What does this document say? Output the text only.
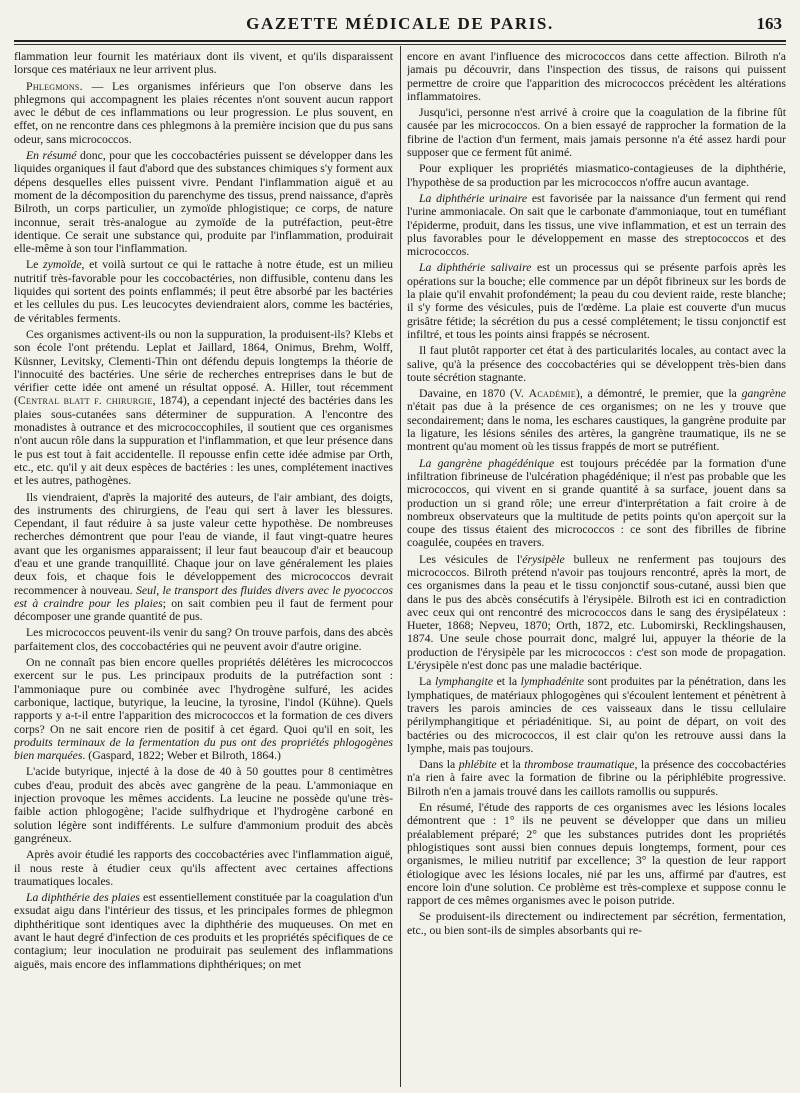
GAZETTE MÉDICALE DE PARIS.	163

flammation leur fournit les matériaux dont ils vivent, et qu'ils disparaissent lorsque ces matériaux ne leur arrivent plus.

Phlegmons. — Les organismes inférieurs que l'on observe dans les phlegmons qui accompagnent les plaies récentes n'ont souvent aucun rapport avec le début de ces inflammations ou leur progression. Le plus souvent, en effet, on ne rencontre dans ces phlegmons à la première incision que du pus sans odeur, sans micrococcos.

En résumé donc, pour que les coccobactéries puissent se développer dans les liquides organiques il faut d'abord que des substances chimiques s'y forment aux dépens desquelles elles puissent vivre. Pendant l'inflammation aiguë et au moment de la décomposition du parenchyme des tissus, prend naissance, d'après Bilroth, un corps particulier, un zymoïde phlogistique; ce corps, de nature inconnue, serait très-analogue au zymoïde de la putréfaction, peut-être identique. Ce serait une substance qui, produite par l'inflammation, produirait elle-même à son tour l'inflammation.

Le zymoïde, et voilà surtout ce qui le rattache à notre étude, est un milieu nutritif très-favorable pour les coccobactéries, non diffusible, contenu dans les liquides qui sortent des points enflammés; il peut être absorbé par les bactéries et les cellules du pus. Les leucocytes deviendraient alors, comme les bactéries, de véritables ferments.

Ces organismes activent-ils ou non la suppuration, la produisent-ils? Klebs et son école l'ont prétendu. Leplat et Jaillard, 1864, Onimus, Brehm, Wolff, Küsnner, Levitsky, Clementi-Thin ont défendu depuis longtemps la théorie de l'innocuité des bactéries. Une série de recherches entreprises dans le but de vérifier cette idée ont amené un résultat opposé. A. Hiller, tout récemment (Central blatt f. chirurgie, 1874), a cependant injecté des bactéries dans les plaies sous-cutanées sans déterminer de suppuration. A l'encontre des monadistes à outrance et des micrococcophiles, il soutient que ces organismes n'ont aucun rôle dans la suppuration et l'inflammation, et que leur présence dans le pus est tout à fait accidentelle. Il repousse enfin cette idée admise par Orth, etc., etc. qu'il y ait deux espèces de bactéries : les unes, complétement inactives et les autres, pathogènes.

Ils viendraient, d'après la majorité des auteurs, de l'air ambiant, des doigts, des instruments des chirurgiens, de l'eau qui sert à laver les blessures. Cependant, il faut réduire à sa juste valeur cette hypothèse. De nombreuses recherches démontrent que pour l'eau de viande, il faut vingt-quatre heures avant que les organismes apparaissent; il leur faut beaucoup d'air et beaucoup d'eau et une grande tranquillité. Chaque jour on lave généralement les plaies deux fois, et chaque fois le développement des micrococcos devrait recommencer à nouveau. Seul, le transport des fluides divers avec le pyococcos est à craindre pour les plaies; on sait combien peu il faut de ferment pour décomposer une grande quantité de pus.

Les micrococcos peuvent-ils venir du sang? On trouve parfois, dans des abcès parfaitement clos, des coccobactéries qui ne peuvent avoir d'autre origine.

On ne connaît pas bien encore quelles propriétés délétères les micrococcos exercent sur le pus. Les principaux produits de la putréfaction sont : l'ammoniaque pure ou combinée avec l'hydrogène sulfuré, les acides carbonique, lactique, butyrique, la leucine, la tyrosine, l'indol (Kühne). Quels rapports y a-t-il entre l'apparition des micrococcos et la formation de ces divers corps? On ne sait encore rien de positif à cet égard. Quoi qu'il en soit, les produits terminaux de la fermentation du pus ont des propriétés phlogogènes bien marquées. (Gaspard, 1822; Weber et Bilroth, 1864.)

L'acide butyrique, injecté à la dose de 40 à 50 gouttes pour 8 centimètres cubes d'eau, produit des abcès avec gangrène de la peau. L'ammoniaque en injection provoque les mêmes accidents. La leucine ne possède qu'une très-faible action phlogogène; l'acide sulfhydrique et l'hydrogène carboné en solution légère sont indifférents. Le sulfure d'ammonium produit des abcès gangréneux.

Après avoir étudié les rapports des coccobactéries avec l'inflammation aiguë, il nous reste à étudier ceux qu'ils affectent avec certaines affections traumatiques locales.

La diphthérie des plaies est essentiellement constituée par la coagulation d'un exsudat aigu dans l'intérieur des tissus, et les principales formes de phlegmon diphthéritique sont identiques avec la diphthérie des muqueuses. On met en avant le haut degré d'infection de ces produits et les propriétés spécifiques de ce contagium; leur inoculation ne produirait pas seulement des inflammations aiguës, mais encore des inflammations diphthériques; on met

encore en avant l'influence des micrococcos dans cette affection. Bilroth n'a jamais pu découvrir, dans l'inspection des tissus, de raisons qui puissent permettre de croire que l'apparition des micrococcos précèdent les altérations inflammatoires.

Jusqu'ici, personne n'est arrivé à croire que la coagulation de la fibrine fût causée par les micrococcos. On a bien essayé de rapprocher la formation de la fibrine de l'action d'un ferment, mais jamais personne n'a été assez hardi pour supposer que ce ferment fût animé.

Pour expliquer les propriétés miasmatico-contagieuses de la diphthérie, l'hypothèse de sa production par les micrococcos n'offre aucun avantage.

La diphthérie urinaire est favorisée par la naissance d'un ferment qui rend l'urine ammoniacale. On sait que le carbonate d'ammoniaque, tout en tuméfiant l'épiderme, produit, dans les tissus, une vive inflammation, et est un terrain des plus favorables pour le développement en masse des streptococcos et des micrococcos.

La diphthérie salivaire est un processus qui se présente parfois après les opérations sur la bouche; elle commence par un dépôt fibrineux sur les bords de la plaie qu'il envahit profondément; la peau du cou devient raide, reste blanche; il s'y forme des vésicules, puis de l'œdème. La plaie est couverte d'un mucus grisâtre fétide; la sécrétion du pus a cessé complétement; le tissu conjonctif est infiltré, et tous les points ainsi frappés se nécrosent.

Il faut plutôt rapporter cet état à des particularités locales, au contact avec la salive, qu'à la présence des coccobactéries qui se développent très-bien dans toute sécrétion stagnante.

Davaine, en 1870 (V. Académie), a démontré, le premier, que la gangrène n'était pas due à la présence de ces organismes; on ne les y trouve que secondairement; dans le noma, les eschares caustiques, la gangrène produite par la ligature, les lésions séniles des artères, la gangrène traumatique, ils ne se montrent qu'au moment où les tissus frappés de mort se putréfient.

La gangrène phagédénique est toujours précédée par la formation d'une infiltration fibrineuse de l'ulcération phagédénique; il n'est pas probable que les micrococcos, qui vivent en si grande quantité à sa surface, jouent dans sa production un si grand rôle; une erreur d'interprétation a fait croire à de nombreux observateurs que la multitude de petits points qu'on aperçoit sur la coupe des tissus étaient des micrococcos : ce sont des fibrilles de fibrine coagulée, coupées en travers.

Les vésicules de l'érysipèle bulleux ne renferment pas toujours des micrococcos. Bilroth prétend n'avoir pas toujours rencontré, après la mort, de ces organismes dans la peau et le tissu conjonctif sous-cutané, aussi bien que dans le pus des abcès consécutifs à l'érysipèle. Bilroth est ici en contradiction avec ceux qui ont rencontré des micrococcos dans le sang des érysipélateux : Hueter, 1868; Nepveu, 1870; Orth, 1872, etc. Lubomirski, Recklingshausen, 1874. Une seule chose pourrait donc, malgré lui, appuyer la théorie de la production de l'érysipèle par les micrococcos : c'est son mode de propagation. L'érysipèle n'est donc pas une maladie bactérique.

La lymphangite et la lymphadénite sont produites par la pénétration, dans les lymphatiques, de matériaux phlogogènes qui s'écoulent lentement et pénètrent à travers les parois amincies de ces vaisseaux dans le tissu cellulaire périlymphangitique et périadénitique. Si, au point de départ, on voit des bactéries ou des micrococcos, il est clair qu'on les retrouve aussi dans la lymphe, mais pas toujours.

Dans la phlébite et la thrombose traumatique, la présence des coccobactéries n'a rien à faire avec la formation de fibrine ou la périphlébite progressive. Bilroth n'en a jamais trouvé dans les caillots ramollis ou suppurés.

En résumé, l'étude des rapports de ces organismes avec les lésions locales démontrent que : 1° ils ne peuvent se développer que dans un milieu préalablement préparé; 2° que les substances putrides dont les propriétés phlogistiques sont aussi bien connues depuis longtemps, forment, pour ces organismes, le milieu nutritif par excellence; 3° la question de leur rapport étiologique avec les lésions locales, nié par les uns, affirmé par d'autres, est encore loin d'une solution. Ce problème est très-complexe et suppose connu le rapport de ces mêmes organismes avec le poison putride.

Se produisent-ils directement ou indirectement par sécrétion, fermentation, etc., ou bien sont-ils de simples absorbants qui re-
